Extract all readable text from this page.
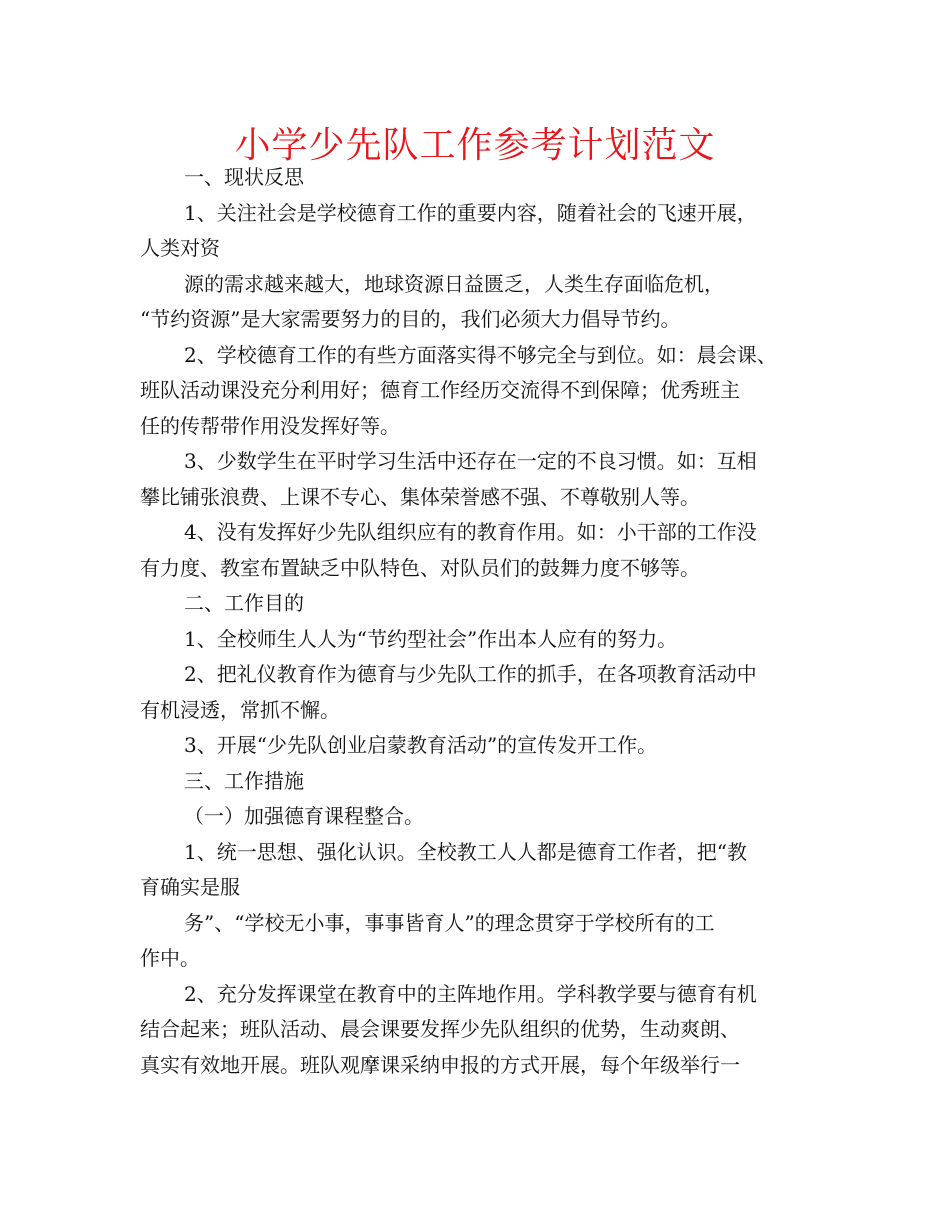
小学少先队工作参考计划范文

一、现状反思

1、关注社会是学校德育工作的重要内容，随着社会的飞速开展，

人类对资

源的需求越来越大，地球资源日益匮乏，人类生存面临危机，

“节约资源”是大家需要努力的目的，我们必须大力倡导节约。

2、学校德育工作的有些方面落实得不够完全与到位。如：晨会课、

班队活动课没充分利用好；德育工作经历交流得不到保障；优秀班主

任的传帮带作用没发挥好等。

3、少数学生在平时学习生活中还存在一定的不良习惯。如：互相

攀比铺张浪费、上课不专心、集体荣誉感不强、不尊敬别人等。

4、没有发挥好少先队组织应有的教育作用。如：小干部的工作没

有力度、教室布置缺乏中队特色、对队员们的鼓舞力度不够等。

二、工作目的

1、全校师生人人为“节约型社会”作出本人应有的努力。

2、把礼仪教育作为德育与少先队工作的抓手，在各项教育活动中

有机浸透，常抓不懈。

3、开展“少先队创业启蒙教育活动”的宣传发开工作。

三、工作措施

（一）加强德育课程整合。

1、统一思想、强化认识。全校教工人人都是德育工作者，把“教

育确实是服

务”、“学校无小事，事事皆育人”的理念贯穿于学校所有的工

作中。

2、充分发挥课堂在教育中的主阵地作用。学科教学要与德育有机

结合起来；班队活动、晨会课要发挥少先队组织的优势，生动爽朗、

真实有效地开展。班队观摩课采纳申报的方式开展，每个年级举行一
